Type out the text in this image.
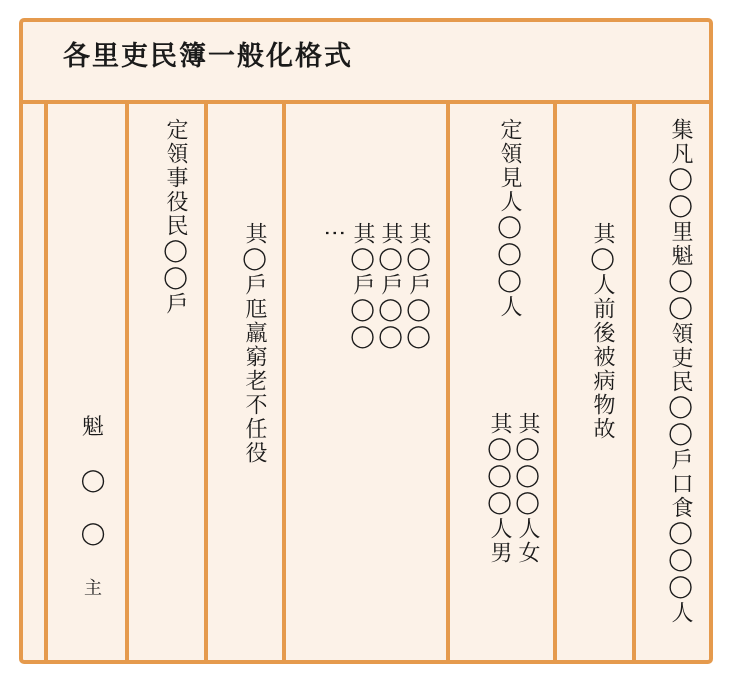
各里吏民簿一般化格式
集凡◯◯里魁◯◯領吏民◯◯戶口食◯◯◯人
其◯人前後被病物故
定領見人◯◯◯人
其◯◯◯人男 其◯◯◯人女
其◯戶◯◯
其◯戶◯◯
其◯戶◯◯
⋮
其◯戶尫羸窮老不任役
定領事役民◯◯戶
魁
◯
◯
主
